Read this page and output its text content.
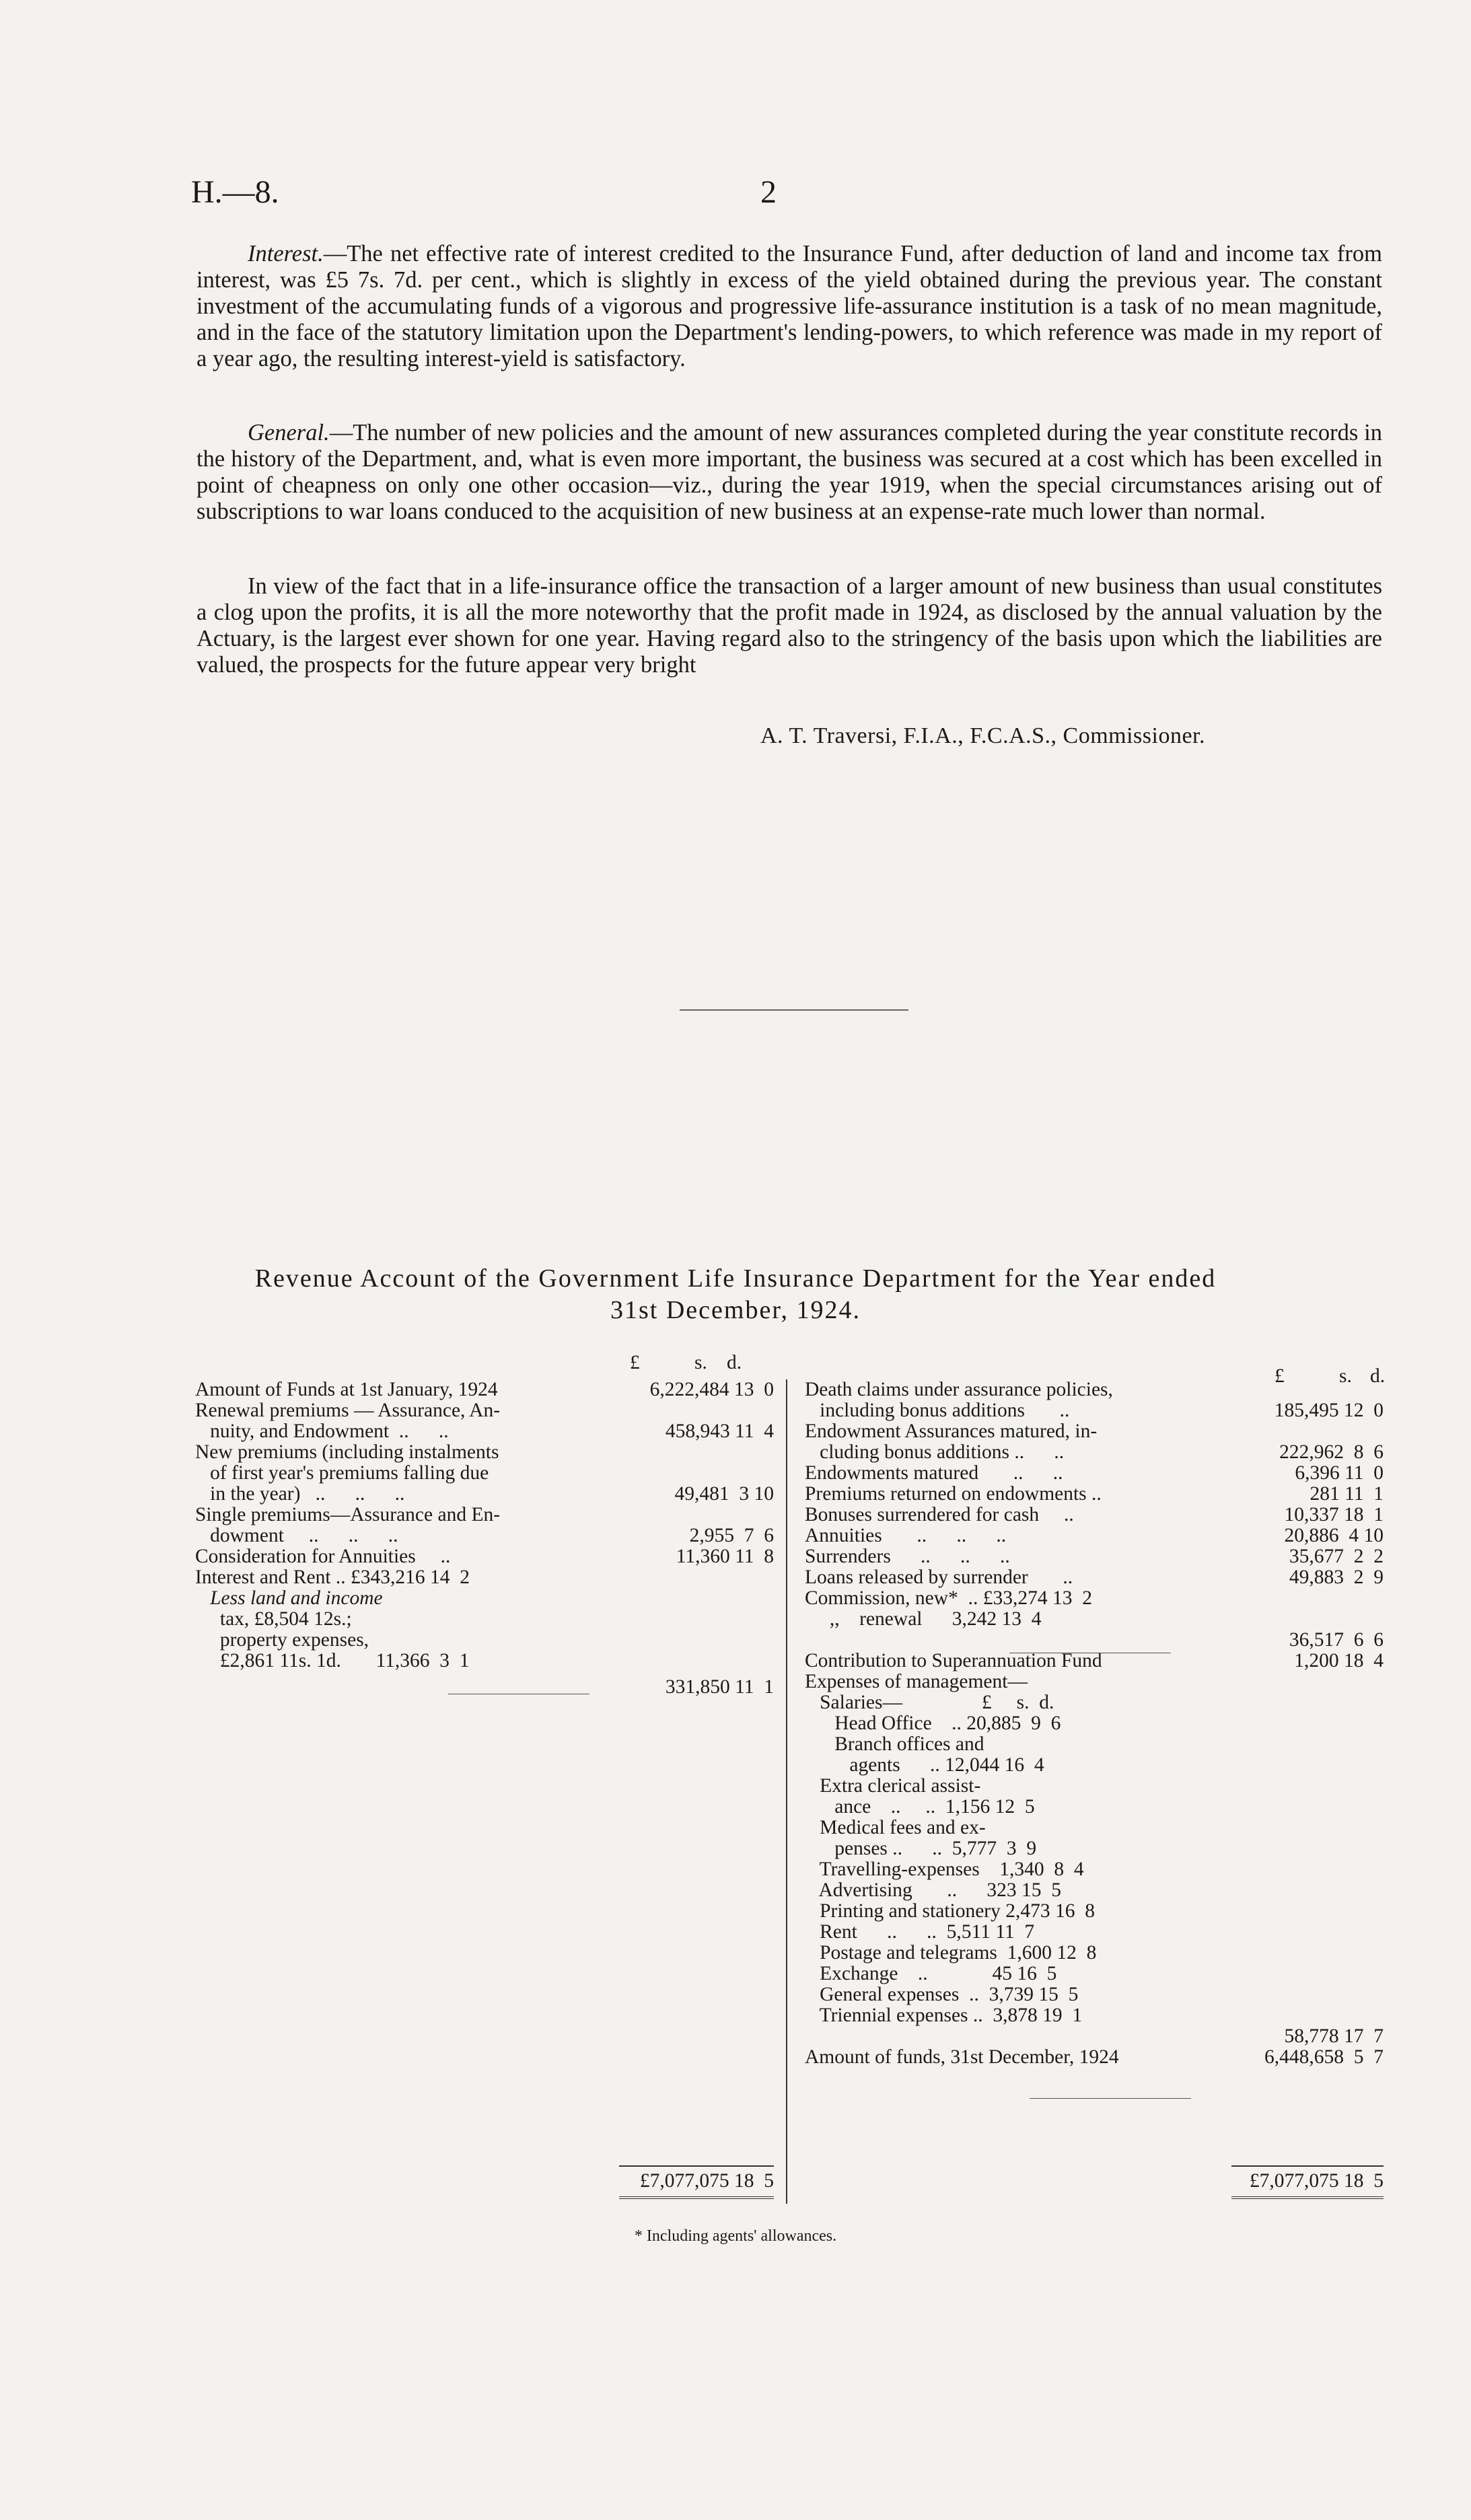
H.—8.	2

Interest.—The net effective rate of interest credited to the Insurance Fund, after deduction of land and income tax from interest, was £5 7s. 7d. per cent., which is slightly in excess of the yield obtained during the previous year. The constant investment of the accumulating funds of a vigorous and progressive life-assurance institution is a task of no mean magnitude, and in the face of the statutory limitation upon the Department's lending-powers, to which reference was made in my report of a year ago, the resulting interest-yield is satisfactory.

General.—The number of new policies and the amount of new assurances completed during the year constitute records in the history of the Department, and, what is even more important, the business was secured at a cost which has been excelled in point of cheapness on only one other occasion—viz., during the year 1919, when the special circumstances arising out of subscriptions to war loans conduced to the acquisition of new business at an expense-rate much lower than normal.

In view of the fact that in a life-insurance office the transaction of a larger amount of new business than usual constitutes a clog upon the profits, it is all the more noteworthy that the profit made in 1924, as disclosed by the annual valuation by the Actuary, is the largest ever shown for one year. Having regard also to the stringency of the basis upon which the liabilities are valued, the prospects for the future appear very bright

A. T. Traversi, F.I.A., F.C.A.S., Commissioner.
Revenue Account of the Government Life Insurance Department for the Year ended
31st December, 1924.
£	s. d.
£	s. d.
Amount of Funds at 1st January, 1924	6,222,484 13  0
Renewal premiums — Assurance, An-
nuity, and Endowment  ..      ..	458,943 11  4
New premiums (including instalments
of first year's premiums falling due
in the year)   ..      ..      ..	49,481  3 10
Single premiums—Assurance and En-
dowment     ..      ..      ..	2,955  7  6
Consideration for Annuities     ..	11,360 11  8
Interest and Rent .. £343,216 14  2
Less land and income
tax, £8,504 12s.;
property expenses,
£2,861 11s. 1d.       11,366  3  1
331,850 11  1
£7,077,075 18  5
Death claims under assurance policies,
including bonus additions       ..	185,495 12  0
Endowment Assurances matured, in-
cluding bonus additions ..      ..	222,962  8  6
Endowments matured       ..      ..	6,396 11  0
Premiums returned on endowments ..	281 11  1
Bonuses surrendered for cash     ..	10,337 18  1
Annuities       ..      ..      ..	20,886  4 10
Surrenders      ..      ..      ..	35,677  2  2
Loans released by surrender       ..	49,883  2  9
Commission, new*  .. £33,274 13  2
,,    renewal      3,242 13  4
36,517  6  6
Contribution to Superannuation Fund	1,200 18  4
Expenses of management—
Salaries—                £     s.  d.
Head Office    .. 20,885  9  6
Branch offices and
agents      .. 12,044 16  4
Extra clerical assist-
ance    ..     ..  1,156 12  5
Medical fees and ex-
penses ..      ..  5,777  3  9
Travelling-expenses    1,340  8  4
Advertising       ..      323 15  5
Printing and stationery 2,473 16  8
Rent      ..      ..  5,511 11  7
Postage and telegrams  1,600 12  8
Exchange    ..             45 16  5
General expenses  ..  3,739 15  5
Triennial expenses ..  3,878 19  1
58,778 17  7
Amount of funds, 31st December, 1924	6,448,658  5  7
£7,077,075 18  5
* Including agents' allowances.
